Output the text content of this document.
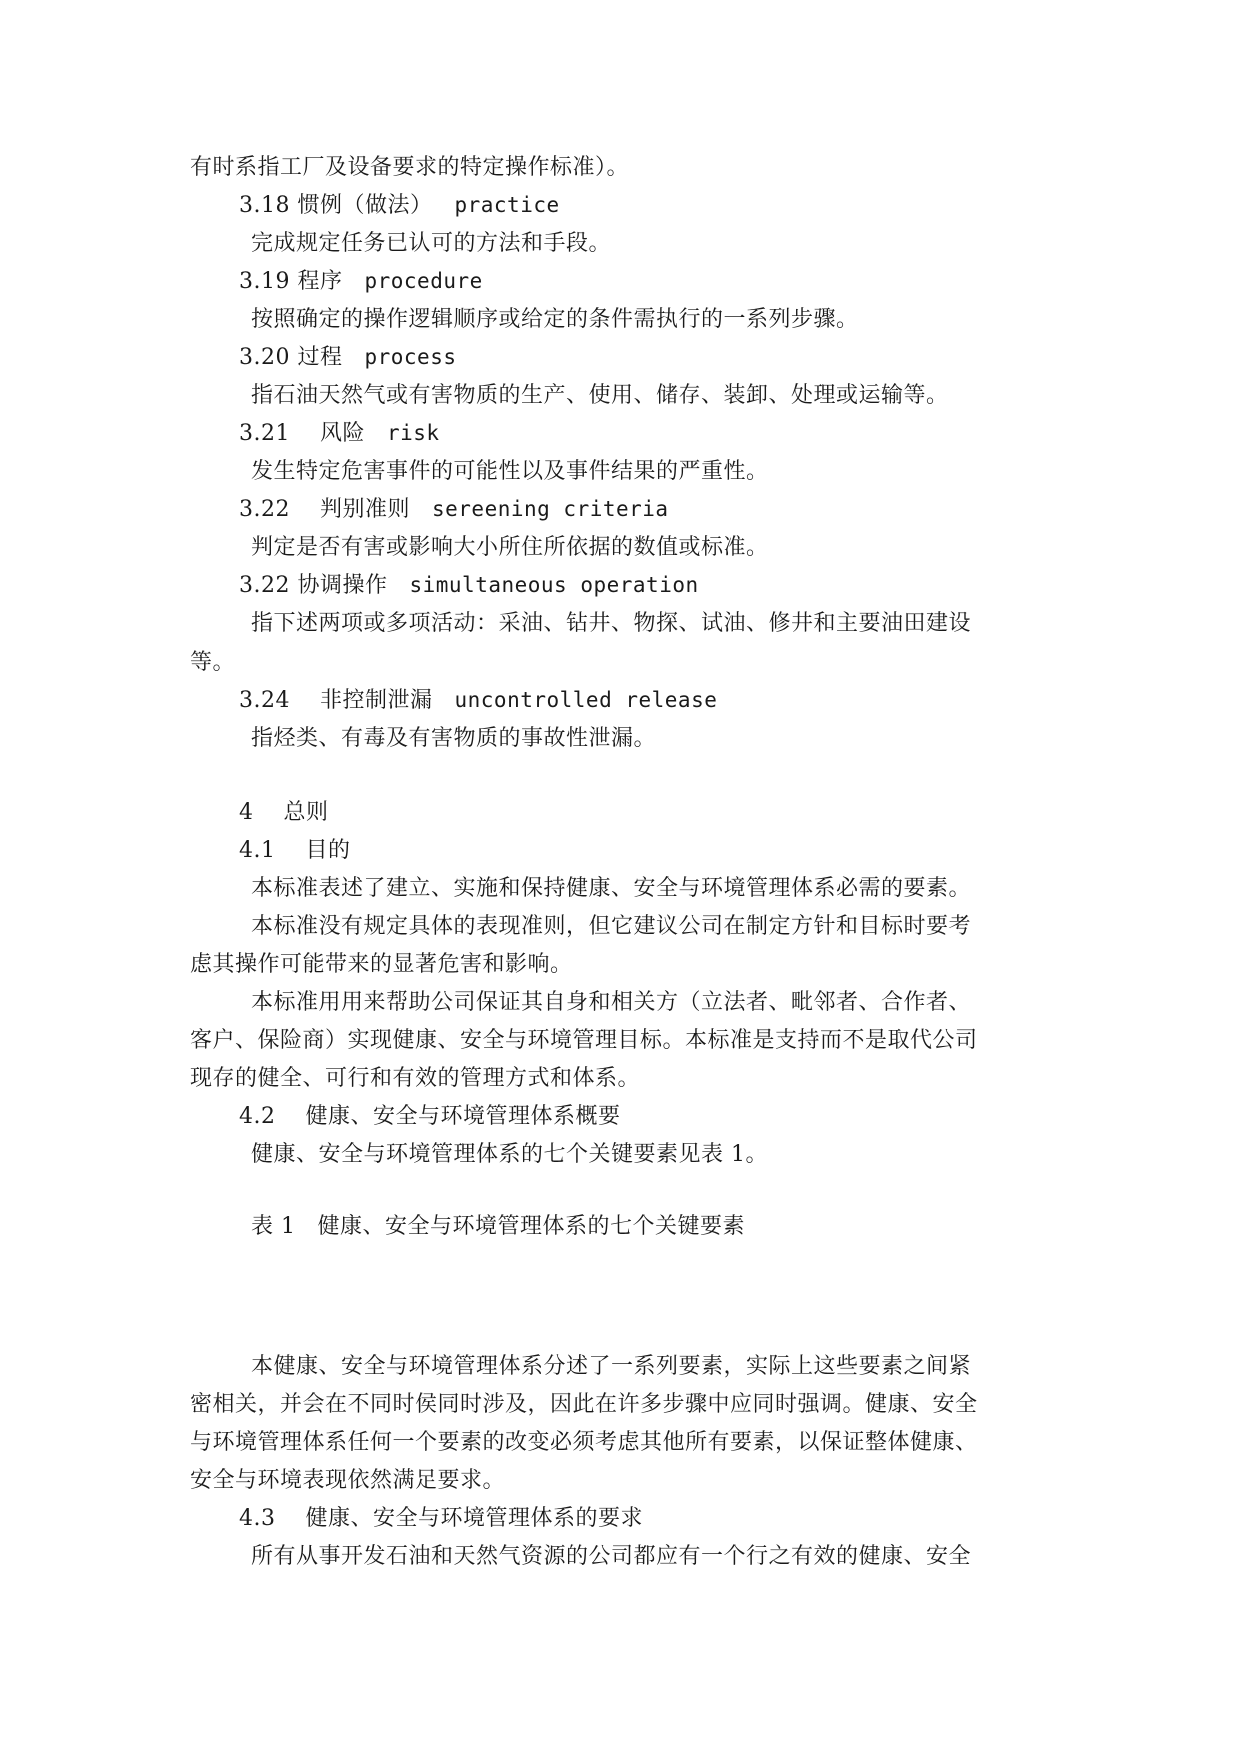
有时系指工厂及设备要求的特定操作标准）。
3.18 惯例（做法） practice
完成规定任务已认可的方法和手段。
3.19 程序 procedure
按照确定的操作逻辑顺序或给定的条件需执行的一系列步骤。
3.20 过程 process
指石油天然气或有害物质的生产、使用、储存、装卸、处理或运输等。
3.21 风险 risk
发生特定危害事件的可能性以及事件结果的严重性。
3.22 判别准则 sereening criteria
判定是否有害或影响大小所住所依据的数值或标准。
3.22 协调操作 simultaneous operation
指下述两项或多项活动：采油、钻井、物探、试油、修井和主要油田建设
等。
3.24 非控制泄漏 uncontrolled release
指烃类、有毒及有害物质的事故性泄漏。
4 总则
4.1 目的
本标准表述了建立、实施和保持健康、安全与环境管理体系必需的要素。
本标准没有规定具体的表现准则，但它建议公司在制定方针和目标时要考
虑其操作可能带来的显著危害和影响。
本标准用用来帮助公司保证其自身和相关方（立法者、毗邻者、合作者、
客户、保险商）实现健康、安全与环境管理目标。本标准是支持而不是取代公司
现存的健全、可行和有效的管理方式和体系。
4.2 健康、安全与环境管理体系概要
健康、安全与环境管理体系的七个关键要素见表 1。
表 1 健康、安全与环境管理体系的七个关键要素
本健康、安全与环境管理体系分述了一系列要素，实际上这些要素之间紧
密相关，并会在不同时侯同时涉及，因此在许多步骤中应同时强调。健康、安全
与环境管理体系任何一个要素的改变必须考虑其他所有要素，以保证整体健康、
安全与环境表现依然满足要求。
4.3 健康、安全与环境管理体系的要求
所有从事开发石油和天然气资源的公司都应有一个行之有效的健康、安全
